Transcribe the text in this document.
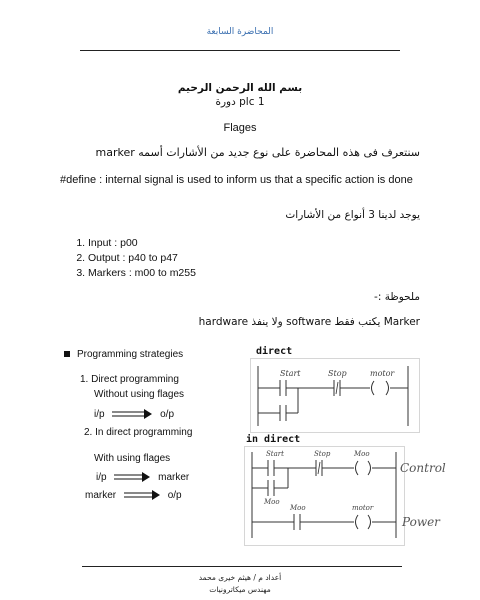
المحاضرة السابعة
بسم الله الرحمن الرحيم
دورة plc 1
Flages
سنتعرف فى هذه المحاضرة على نوع جديد من الأشارات أسمه marker
#define : internal signal is used to inform us that a specific action is done
يوجد لدينا 3 أنواع من الأشارات
1. Input : p00
2. Output : p40 to p47
3. Markers : m00 to m255
ملحوظة :-
Marker يكتب فقط software ولا ينفذ hardware
Programming strategies
1. Direct programming
Without using flages
i/p	o/p
2. In direct programming
With using flages
i/p	marker
marker	o/p
direct
in direct
Start	Stop	motor
Start	Stop	Moo
Control
Moo
Moo	motor
Power
أعداد م / هيثم خيرى محمد
مهندس ميكاترونيات
